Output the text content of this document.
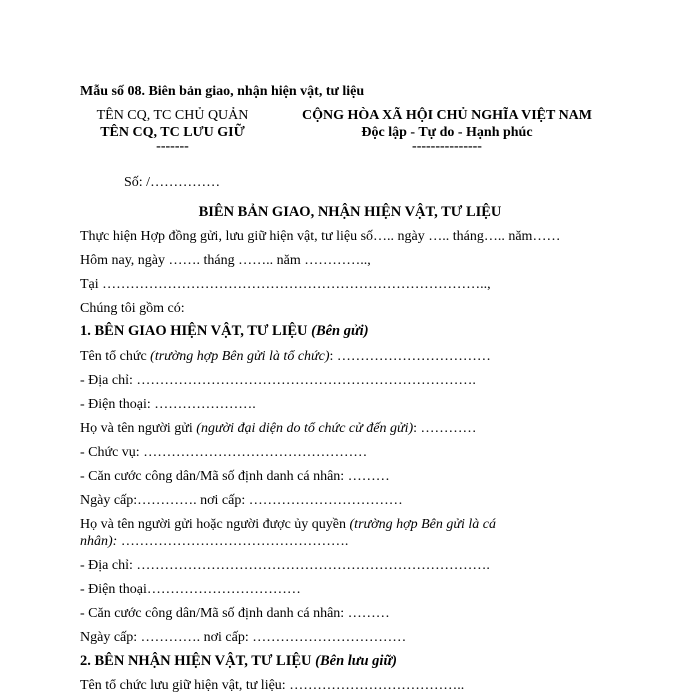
Mẫu số 08. Biên bản giao, nhận hiện vật, tư liệu
TÊN CQ, TC CHỦ QUẢN
TÊN CQ, TC LƯU GIỮ
-------
CỘNG HÒA XÃ HỘI CHỦ NGHĨA VIỆT NAM
Độc lập - Tự do - Hạnh phúc
---------------
Số: /……………
BIÊN BẢN GIAO, NHẬN HIỆN VẬT, TƯ LIỆU
Thực hiện Hợp đồng gửi, lưu giữ hiện vật, tư liệu số….. ngày ….. tháng….. năm……
Hôm nay, ngày ……. tháng …….. năm …………..,
Tại ………………………………………………………………………..,
Chúng tôi gồm có:
1. BÊN GIAO HIỆN VẬT, TƯ LIỆU (Bên gửi)
Tên tổ chức (trường hợp Bên gửi là tổ chức): ……………………………
- Địa chỉ: ……………………………………………………………….
- Điện thoại: ………………….
Họ và tên người gửi (người đại diện do tổ chức cử đến gửi): …………
- Chức vụ: …………………………………………
- Căn cước công dân/Mã số định danh cá nhân: ………
Ngày cấp:…………. nơi cấp: ……………………………
Họ và tên người gửi hoặc người được ủy quyền (trường hợp Bên gửi là cá
nhân): ………………………………………….
- Địa chỉ: ………………………………………………………………….
- Điện thoại……………………………
- Căn cước công dân/Mã số định danh cá nhân: ………
Ngày cấp: …………. nơi cấp: ……………………………
2. BÊN NHẬN HIỆN VẬT, TƯ LIỆU (Bên lưu giữ)
Tên tổ chức lưu giữ hiện vật, tư liệu: ………………………………..
